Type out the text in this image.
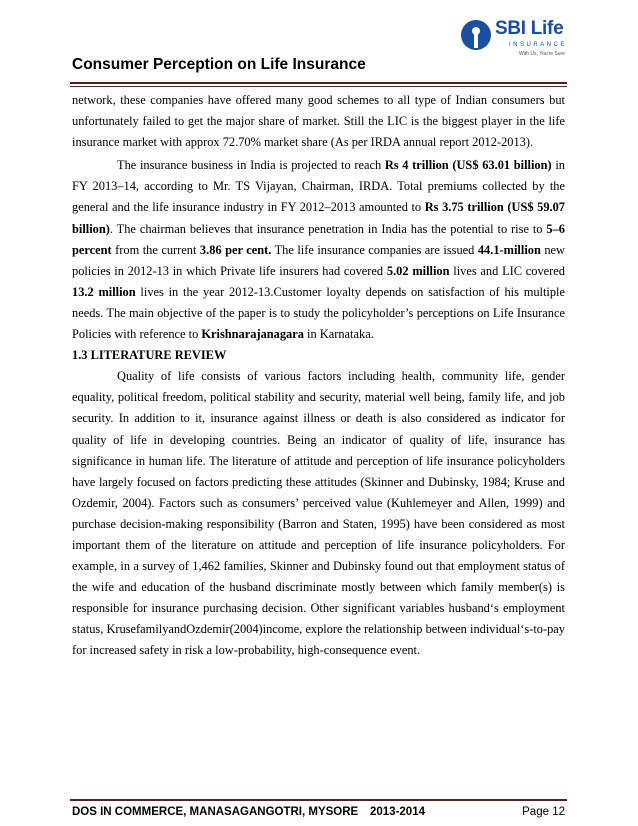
SBI Life
INSURANCE
With Us, You're Sure
Consumer Perception on Life Insurance

network, these companies have offered many good schemes to all type of Indian consumers but unfortunately failed to get the major share of market. Still the LIC is the biggest player in the life insurance market with approx 72.70% market share (As per IRDA annual report 2012-2013).

The insurance business in India is projected to reach Rs 4 trillion (US$ 63.01 billion) in FY 2013–14, according to Mr. TS Vijayan, Chairman, IRDA. Total premiums collected by the general and the life insurance industry in FY 2012–2013 amounted to Rs 3.75 trillion (US$ 59.07 billion). The chairman believes that insurance penetration in India has the potential to rise to 5–6 percent from the current 3.86 per cent. The life insurance companies are issued 44.1-million new policies in 2012-13 in which Private life insurers had covered 5.02 million lives and LIC covered 13.2 million lives in the year 2012-13.Customer loyalty depends on satisfaction of his multiple needs. The main objective of the paper is to study the policyholder’s perceptions on Life Insurance Policies with reference to Krishnarajanagara in Karnataka.

1.3 LITERATURE REVIEW

Quality of life consists of various factors including health, community life, gender equality, political freedom, political stability and security, material well being, family life, and job security. In addition to it, insurance against illness or death is also considered as indicator for quality of life in developing countries. Being an indicator of quality of life, insurance has significance in human life. The literature of attitude and perception of life insurance policyholders have largely focused on factors predicting these attitudes (Skinner and Dubinsky, 1984; Kruse and Ozdemir, 2004). Factors such as consumers’ perceived value (Kuhlemeyer and Allen, 1999) and purchase decision-making responsibility (Barron and Staten, 1995) have been considered as most important them of the literature on attitude and perception of life insurance policyholders. For example, in a survey of 1,462 families, Skinner and Dubinsky found out that employment status of the wife and education of the husband discriminate mostly between which family member(s) is responsible for insurance purchasing decision. Other significant variables husband‘s employment status, KrusefamilyandOzdemir(2004)income, explore the relationship between individual‘s-to-pay for increased safety in risk a low-probability, high-consequence event.

DOS IN COMMERCE, MANASAGANGOTRI, MYSORE 2013-2014	Page 12
